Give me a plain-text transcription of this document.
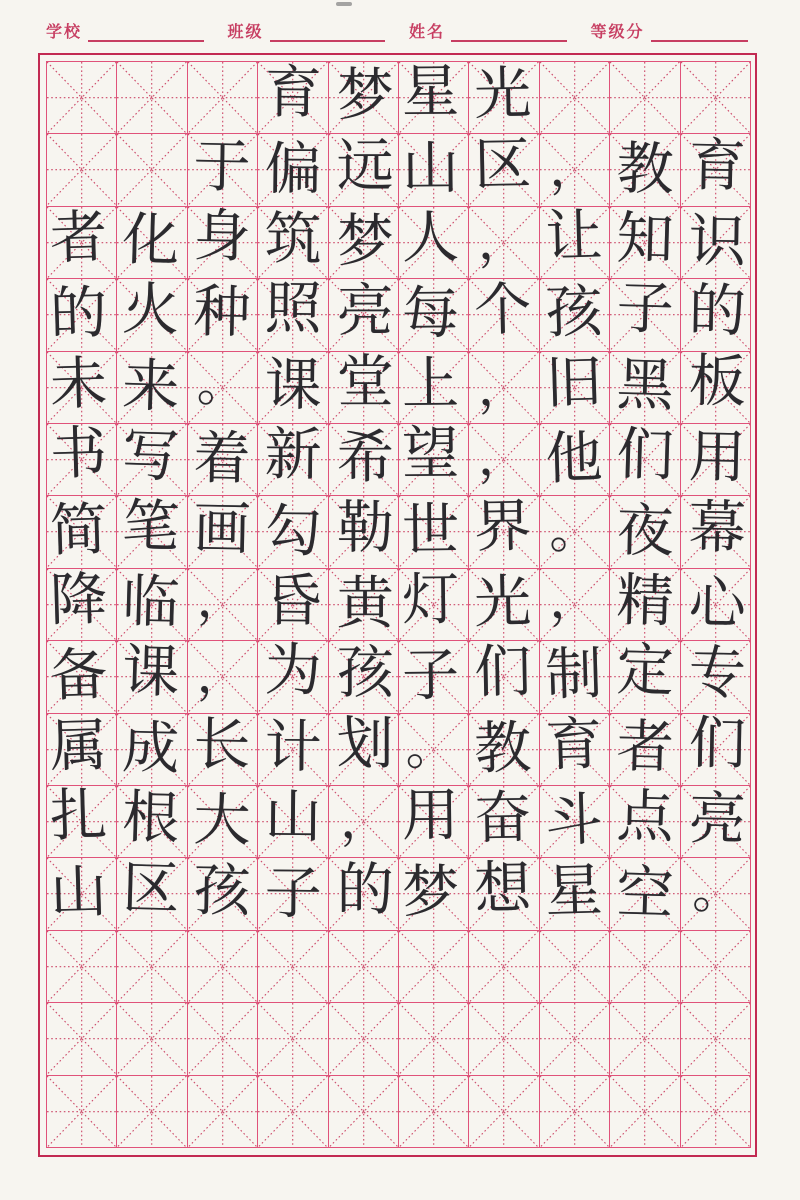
学校	班级	姓名	等级分
育 梦 星 光
于 偏 远 山 区 ， 教 育
者 化 身 筑 梦 人 ， 让 知 识
的 火 种 照 亮 每 个 孩 子 的
未 来 。 课 堂 上 ， 旧 黑 板
书 写 着 新 希 望 ， 他 们 用
简 笔 画 勾 勒 世 界 。 夜 幕
降 临 ， 昏 黄 灯 光 ， 精 心
备 课 ， 为 孩 子 们 制 定 专
属 成 长 计 划 。 教 育 者 们
扎 根 大 山 ， 用 奋 斗 点 亮
山 区 孩 子 的 梦 想 星 空 。
